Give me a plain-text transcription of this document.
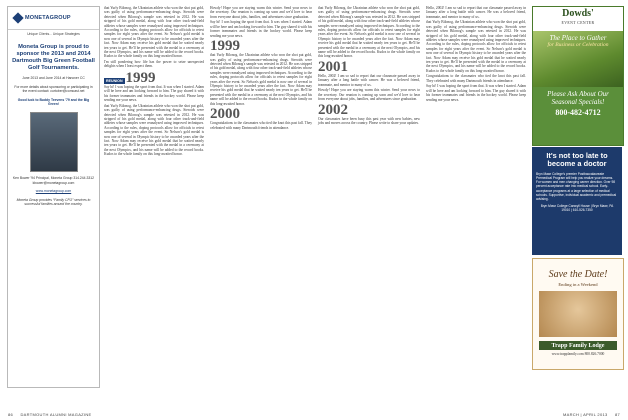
MONETAGROUP
Unique Clients... Unique Strategies
Moneta Group is proud to sponsor the 2013 and 2014 Dartmouth Big Green Football Golf Tournaments.
June 2013 and June 2014 at Hanover CC
For more details about sponsoring or participating in the event contact: curtober@comcast.net
Good luck to Buddy Teevens '79 and the Big Green!
Ken Bower '94 Principal, Moneta Group 314.244.3312 kbower@monetagroup.com
www.monetagroup.com
Moneta Group provides “Family CFO” services to successful families around the country.

that Yurly Bilonog, the Ukrainian athlete who won the shot put gold, was guilty of using performance-enhancing drugs. Steroids were detected when Bilonog's sample was retested in 2012. He was stripped of his gold medal, along with four other track-and-field athletes whose samples were reanalyzed using improved techniques. According to the rules, doping protocols allow for officials to retest samples for eight years after the event. So Nelson's gold medal is now one of several in Olympic history to be awarded years after the fact. Now Adam may receive his gold medal that he waited nearly ten years to get. He'll be presented with the medal in a ceremony at the next Olympics, and his name will be added to the record books. Kudos to the whole family on this long-awaited honor.

I'm still pondering how life has the power to seize unexpected delights when I least expect them.

REUNION 1999

Say hi! I was hoping the sport from that. It was when I started. Adam will be here and am looking forward to him. The guy shared it with his former teammates and friends in the hockey world. Please keep sending me your news.

that Yurly Bilonog, the Ukrainian athlete who won the shot put gold, was guilty of using performance-enhancing drugs. Steroids were detected when Bilonog's sample was retested in 2012. He was stripped of his gold medal, along with four other track-and-field athletes whose samples were reanalyzed using improved techniques. According to the rules, doping protocols allow for officials to retest samples for eight years after the event. So Nelson's gold medal is now one of several in Olympic history to be awarded years after the fact. Now Adam may receive his gold medal that he waited nearly ten years to get. He'll be presented with the medal in a ceremony at the next Olympics, and his name will be added to the record books. Kudos to the whole family on this long-awaited honor.

Howdy! Hope you are staying warm this winter. Send your news to the secretary. Our reunion is coming up soon and we'd love to hear from everyone about jobs, families, and adventures since graduation.

Say hi! I was hoping the sport from that. It was when I started. Adam will be here and am looking forward to him. The guy shared it with his former teammates and friends in the hockey world. Please keep sending me your news.

1999

that Yurly Bilonog, the Ukrainian athlete who won the shot put gold, was guilty of using performance-enhancing drugs. Steroids were detected when Bilonog's sample was retested in 2012. He was stripped of his gold medal, along with four other track-and-field athletes whose samples were reanalyzed using improved techniques. According to the rules, doping protocols allow for officials to retest samples for eight years after the event. So Nelson's gold medal is now one of several in Olympic history to be awarded years after the fact. Now Adam may receive his gold medal that he waited nearly ten years to get. He'll be presented with the medal in a ceremony at the next Olympics, and his name will be added to the record books. Kudos to the whole family on this long-awaited honor.

2000

Congratulations to the classmates who tied the knot this past fall. They celebrated with many Dartmouth friends in attendance.

that Yurly Bilonog, the Ukrainian athlete who won the shot put gold, was guilty of using performance-enhancing drugs. Steroids were detected when Bilonog's sample was retested in 2012. He was stripped of his gold medal, along with four other track-and-field athletes whose samples were reanalyzed using improved techniques. According to the rules, doping protocols allow for officials to retest samples for eight years after the event. So Nelson's gold medal is now one of several in Olympic history to be awarded years after the fact. Now Adam may receive his gold medal that he waited nearly ten years to get. He'll be presented with the medal in a ceremony at the next Olympics, and his name will be added to the record books. Kudos to the whole family on this long-awaited honor.

2001

Hello, 2002! I am so sad to report that our classmate passed away in January after a long battle with cancer. He was a beloved friend, teammate, and mentor to many of us.

Howdy! Hope you are staying warm this winter. Send your news to the secretary. Our reunion is coming up soon and we'd love to hear from everyone about jobs, families, and adventures since graduation.

2002

Our classmates have been busy this past year with new babies, new jobs and moves across the country. Please write to share your updates.

Hello, 2002! I am so sad to report that our classmate passed away in January after a long battle with cancer. He was a beloved friend, teammate, and mentor to many of us.

that Yurly Bilonog, the Ukrainian athlete who won the shot put gold, was guilty of using performance-enhancing drugs. Steroids were detected when Bilonog's sample was retested in 2012. He was stripped of his gold medal, along with four other track-and-field athletes whose samples were reanalyzed using improved techniques. According to the rules, doping protocols allow for officials to retest samples for eight years after the event. So Nelson's gold medal is now one of several in Olympic history to be awarded years after the fact. Now Adam may receive his gold medal that he waited nearly ten years to get. He'll be presented with the medal in a ceremony at the next Olympics, and his name will be added to the record books. Kudos to the whole family on this long-awaited honor.

Congratulations to the classmates who tied the knot this past fall. They celebrated with many Dartmouth friends in attendance.

Say hi! I was hoping the sport from that. It was when I started. Adam will be here and am looking forward to him. The guy shared it with his former teammates and friends in the hockey world. Please keep sending me your news.

Dowds'
EVENT CENTER
The Place to Gather
for Business or Celebration
Please Ask About Our Seasonal Specials!
800-482-4712
It's not too late to become a doctor
Bryn Mawr College's premier Postbaccalaureate Premedical Program will help you realize your dreams. For women and men changing career direction. Over 98 percent acceptance rate into medical school. Early-acceptance programs at a large selection of medical schools. Supportive, individual academic and premedical advising.
Bryn Mawr College Canwyll House | Bryn Mawr, PA 19010 | 610-526-7350
Save the Date!
Ending in a Weekend
Trapp Family Lodge
www.trappfamily.com 800.826.7000
86 DARTMOUTH ALUMNI MAGAZINE	MARCH | APRIL 2013 87
